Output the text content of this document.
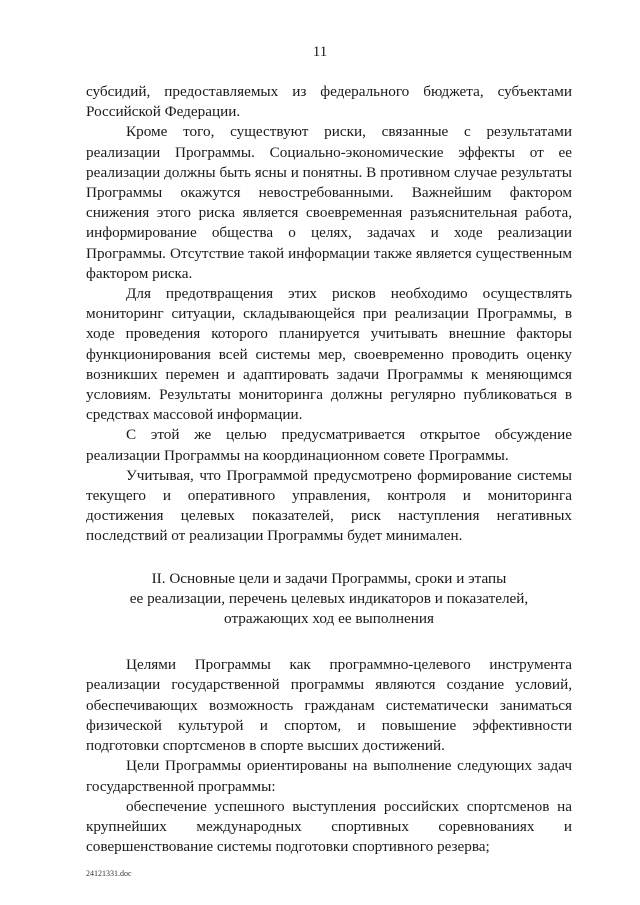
11

субсидий, предоставляемых из федерального бюджета, субъектами Российской Федерации.

Кроме того, существуют риски, связанные с результатами реализации Программы. Социально-экономические эффекты от ее реализации должны быть ясны и понятны. В противном случае результаты Программы окажутся невостребованными. Важнейшим фактором снижения этого риска является своевременная разъяснительная работа, информирование общества о целях, задачах и ходе реализации Программы. Отсутствие такой информации также является существенным фактором риска.

Для предотвращения этих рисков необходимо осуществлять мониторинг ситуации, складывающейся при реализации Программы, в ходе проведения которого планируется учитывать внешние факторы функционирования всей системы мер, своевременно проводить оценку возникших перемен и адаптировать задачи Программы к меняющимся условиям. Результаты мониторинга должны регулярно публиковаться в средствах массовой информации.

С этой же целью предусматривается открытое обсуждение реализации Программы на координационном совете Программы.

Учитывая, что Программой предусмотрено формирование системы текущего и оперативного управления, контроля и мониторинга достижения целевых показателей, риск наступления негативных последствий от реализации Программы будет минимален.

II. Основные цели и задачи Программы, сроки и этапы
ее реализации, перечень целевых индикаторов и показателей,
отражающих ход ее выполнения

Целями Программы как программно-целевого инструмента реализации государственной программы являются создание условий, обеспечивающих возможность гражданам систематически заниматься физической культурой и спортом, и повышение эффективности подготовки спортсменов в спорте высших достижений.

Цели Программы ориентированы на выполнение следующих задач государственной программы:

обеспечение успешного выступления российских спортсменов на крупнейших международных спортивных соревнованиях и совершенствование системы подготовки спортивного резерва;

24121331.doc
